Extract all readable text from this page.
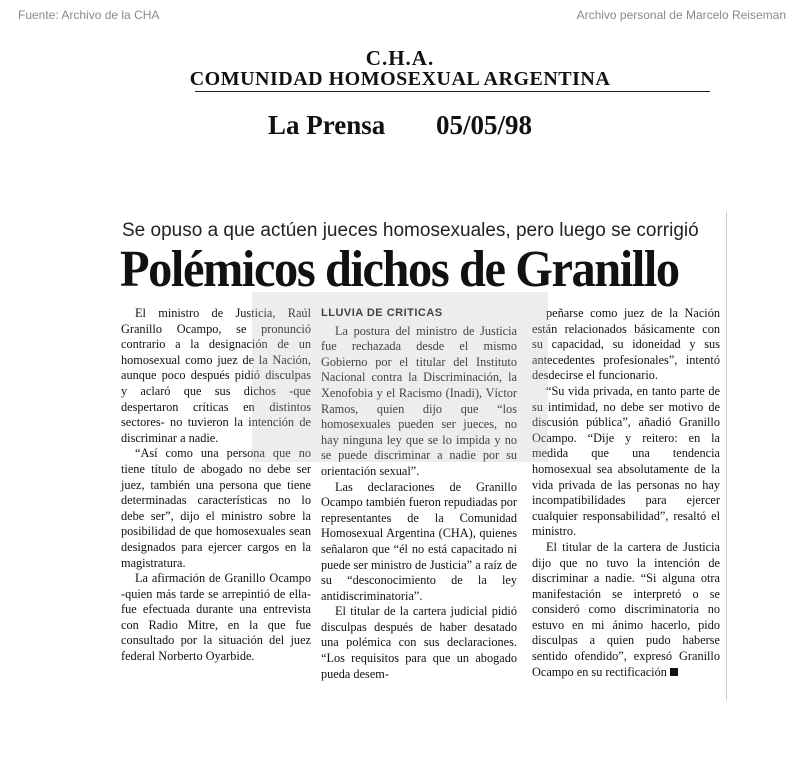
Fuente: Archivo de la CHA	Archivo personal de Marcelo Reiseman
C.H.A.
COMUNIDAD HOMOSEXUAL ARGENTINA
La Prensa 05/05/98
Se opuso a que actúen jueces homosexuales, pero luego se corrigió
Polémicos dichos de Granillo

El ministro de Justicia, Raúl Granillo Ocampo, se pronunció contrario a la designación de un homosexual como juez de la Nación, aunque poco después pidió disculpas y aclaró que sus dichos -que despertaron críticas en distintos sectores- no tuvieron la intención de discriminar a nadie.

“Así como una persona que no tiene título de abogado no debe ser juez, también una persona que tiene determinadas características no lo debe ser”, dijo el ministro sobre la posibilidad de que homosexuales sean designados para ejercer cargos en la magistratura.

La afirmación de Granillo Ocampo -quien más tarde se arrepintió de ella- fue efectuada durante una entrevista con Radio Mitre, en la que fue consultado por la situación del juez federal Norberto Oyarbide.

LLUVIA DE CRITICAS

La postura del ministro de Justicia fue rechazada desde el mismo Gobierno por el titular del Instituto Nacional contra la Discriminación, la Xenofobia y el Racismo (Inadi), Víctor Ramos, quien dijo que “los homosexuales pueden ser jueces, no hay ninguna ley que se lo impida y no se puede discriminar a nadie por su orientación sexual”.

Las declaraciones de Granillo Ocampo también fueron repudiadas por representantes de la Comunidad Homosexual Argentina (CHA), quienes señalaron que “él no está capacitado ni puede ser ministro de Justicia” a raíz de su “desconocimiento de la ley antidiscriminatoria”.

El titular de la cartera judicial pidió disculpas después de haber desatado una polémica con sus declaraciones. “Los requisitos para que un abogado pueda desem-

peñarse como juez de la Nación están relacionados básicamente con su capacidad, su idoneidad y sus antecedentes profesionales”, intentó desdecirse el funcionario.

“Su vida privada, en tanto parte de su intimidad, no debe ser motivo de discusión pública”, añadió Granillo Ocampo. “Dije y reitero: en la medida que una tendencia homosexual sea absolutamente de la vida privada de las personas no hay incompatibilidades para ejercer cualquier responsabilidad”, resaltó el ministro.

El titular de la cartera de Justicia dijo que no tuvo la intención de discriminar a nadie. “Si alguna otra manifestación se interpretó o se consideró como discriminatoria no estuvo en mi ánimo hacerlo, pido disculpas a quien pudo haberse sentido ofendido”, expresó Granillo Ocampo en su rectificación
